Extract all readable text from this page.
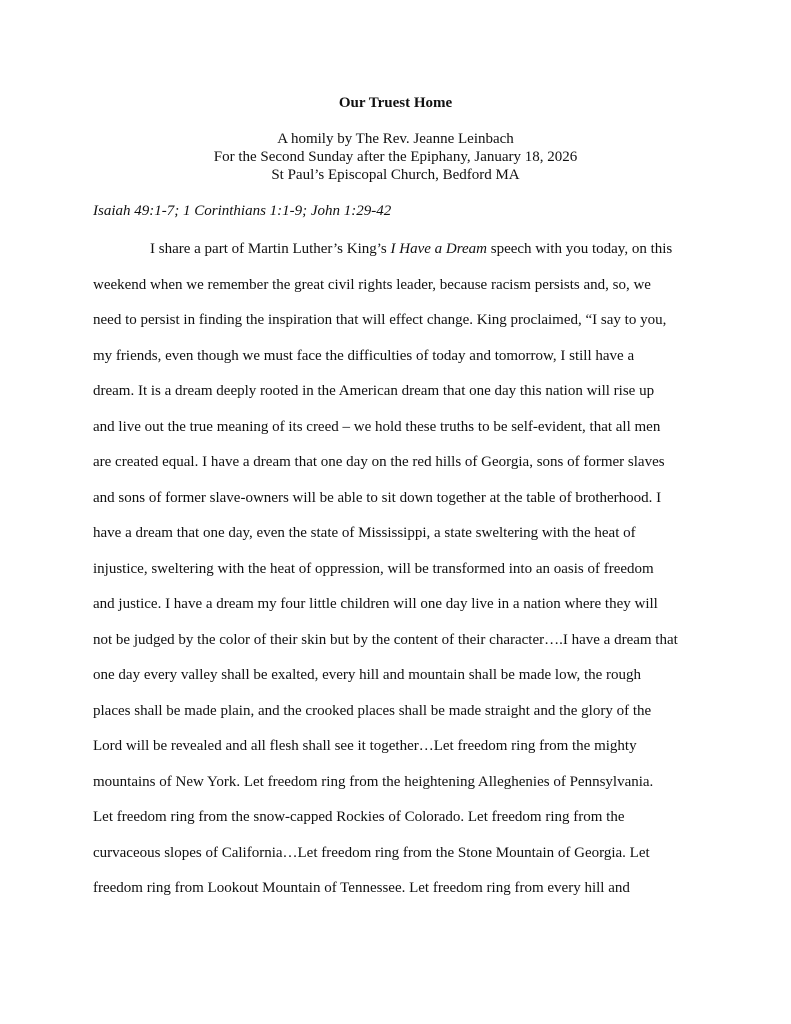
Our Truest Home
A homily by The Rev. Jeanne Leinbach
For the Second Sunday after the Epiphany, January 18, 2026
St Paul’s Episcopal Church, Bedford MA
Isaiah 49:1-7; 1 Corinthians 1:1-9; John 1:29-42
I share a part of Martin Luther’s King’s I Have a Dream speech with you today, on this
weekend when we remember the great civil rights leader, because racism persists and, so, we
need to persist in finding the inspiration that will effect change. King proclaimed, “I say to you,
my friends, even though we must face the difficulties of today and tomorrow, I still have a
dream. It is a dream deeply rooted in the American dream that one day this nation will rise up
and live out the true meaning of its creed – we hold these truths to be self-evident, that all men
are created equal. I have a dream that one day on the red hills of Georgia, sons of former slaves
and sons of former slave-owners will be able to sit down together at the table of brotherhood. I
have a dream that one day, even the state of Mississippi, a state sweltering with the heat of
injustice, sweltering with the heat of oppression, will be transformed into an oasis of freedom
and justice. I have a dream my four little children will one day live in a nation where they will
not be judged by the color of their skin but by the content of their character….I have a dream that
one day every valley shall be exalted, every hill and mountain shall be made low, the rough
places shall be made plain, and the crooked places shall be made straight and the glory of the
Lord will be revealed and all flesh shall see it together…Let freedom ring from the mighty
mountains of New York. Let freedom ring from the heightening Alleghenies of Pennsylvania.
Let freedom ring from the snow-capped Rockies of Colorado. Let freedom ring from the
curvaceous slopes of California…Let freedom ring from the Stone Mountain of Georgia. Let
freedom ring from Lookout Mountain of Tennessee. Let freedom ring from every hill and
